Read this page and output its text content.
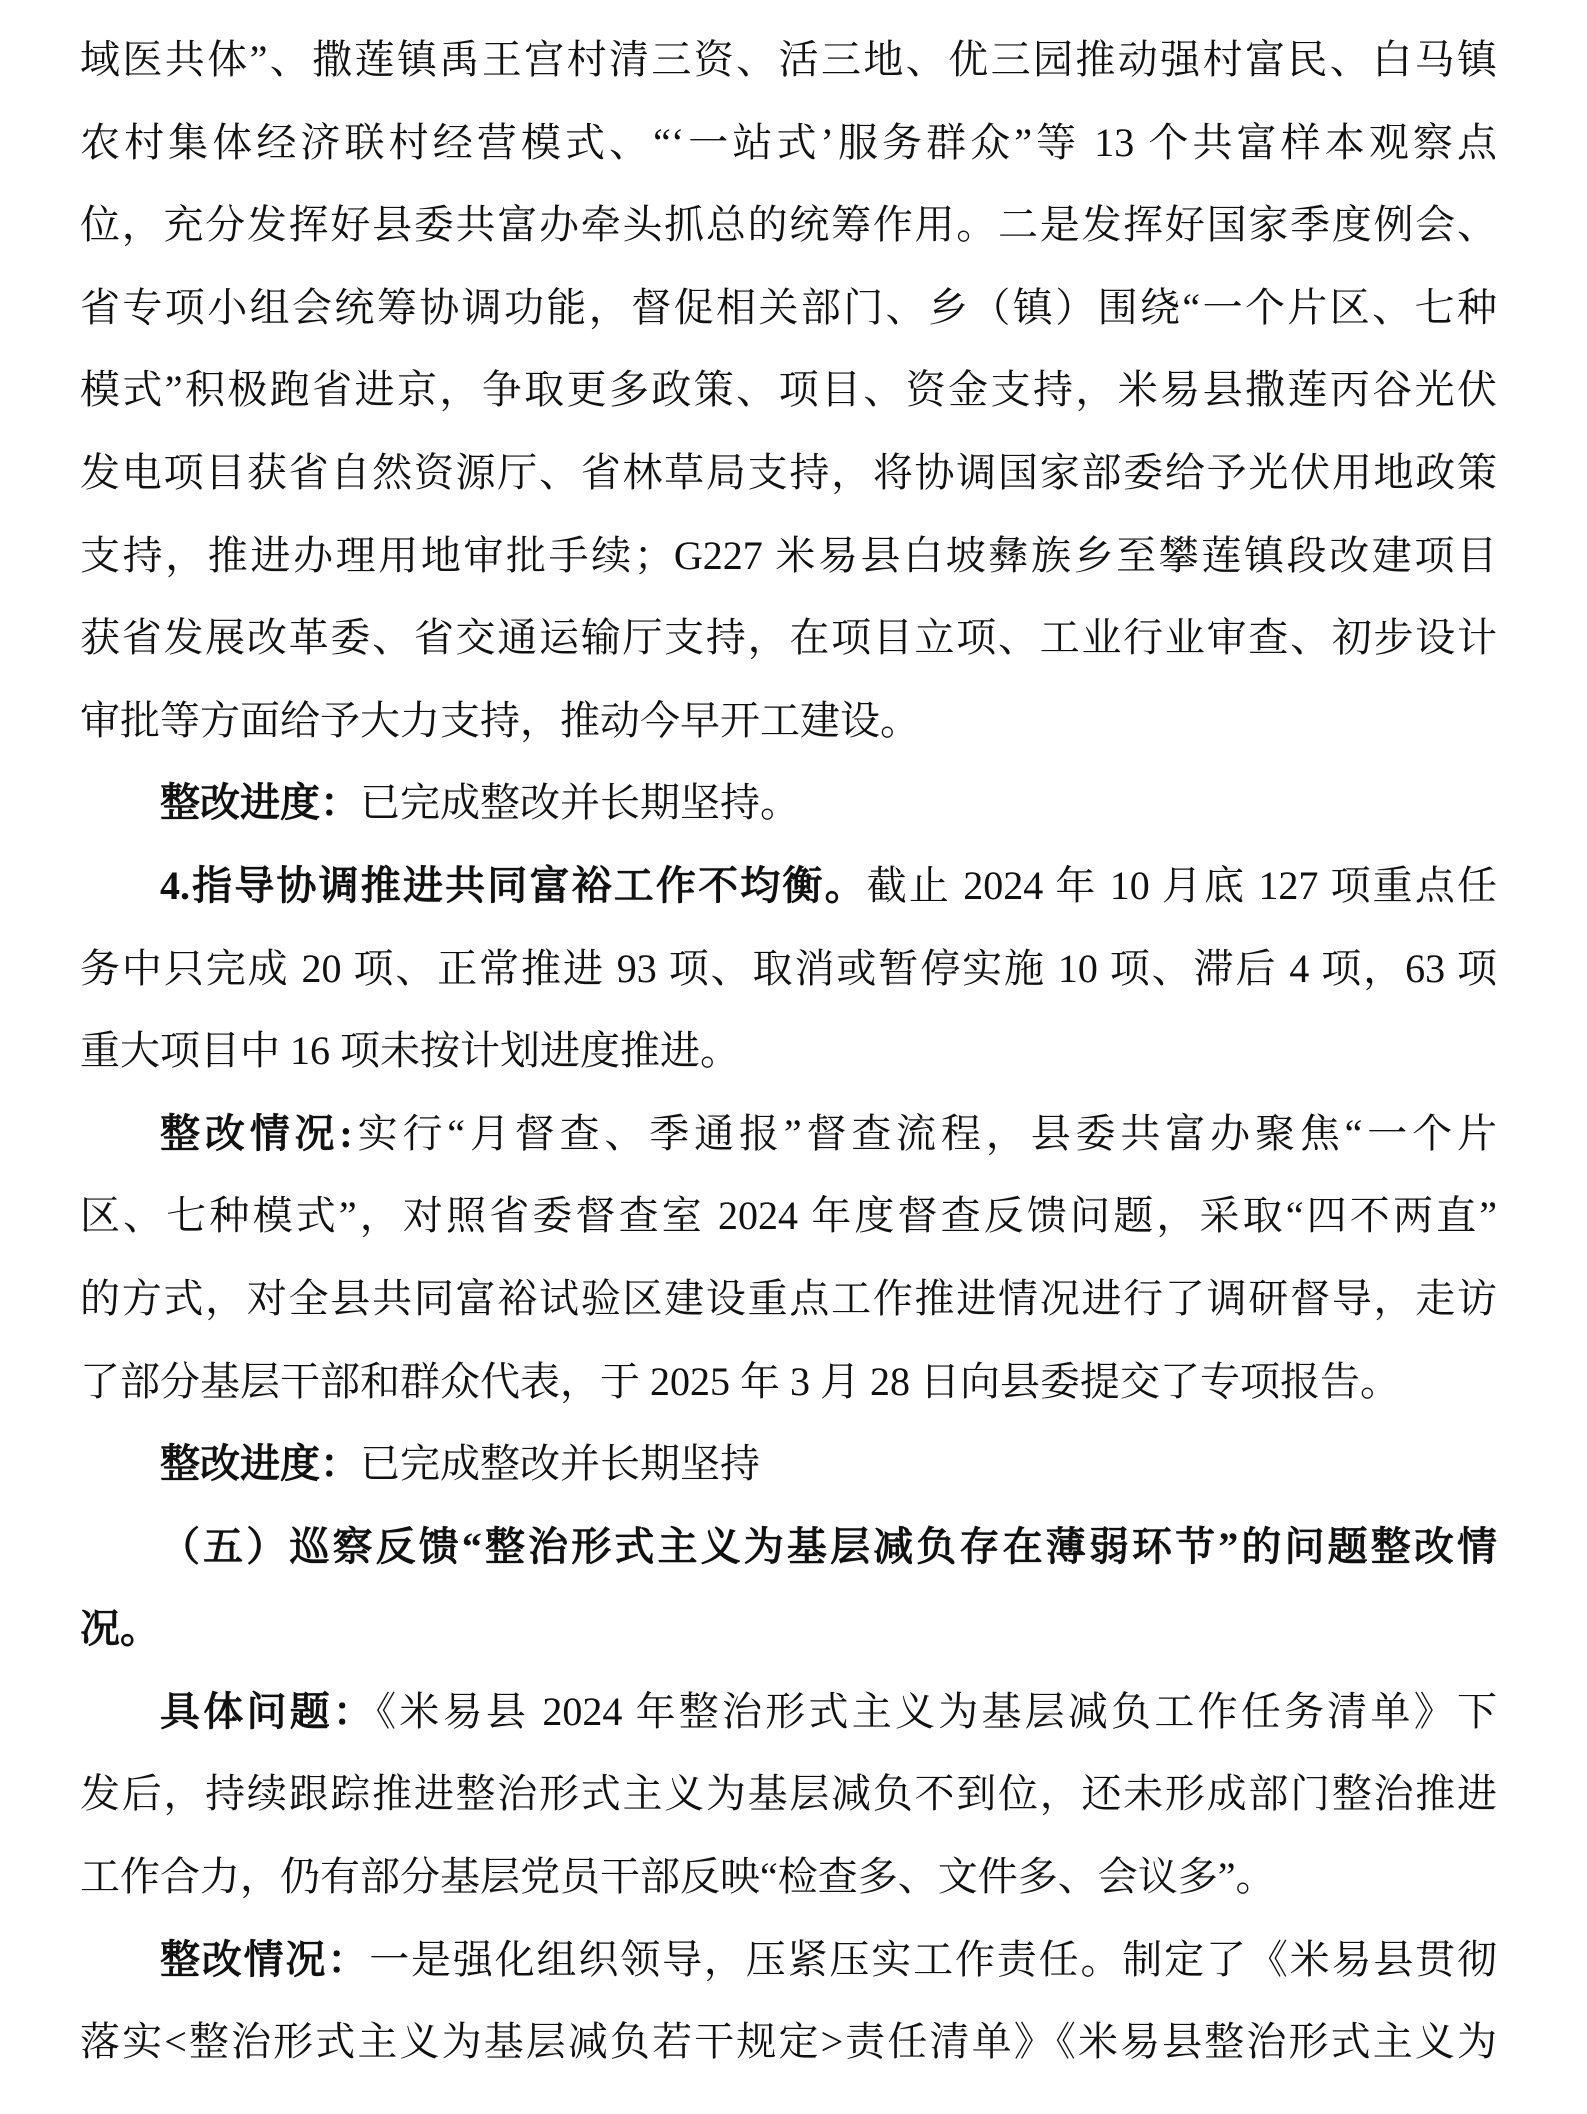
域医共体”、撒莲镇禹王宫村清三资、活三地、优三园推动强村富民、白马镇
农村集体经济联村经营模式、“‘一站式’服务群众”等 13 个共富样本观察点
位，充分发挥好县委共富办牵头抓总的统筹作用。二是发挥好国家季度例会、
省专项小组会统筹协调功能，督促相关部门、乡（镇）围绕“一个片区、七种
模式”积极跑省进京，争取更多政策、项目、资金支持，米易县撒莲丙谷光伏
发电项目获省自然资源厅、省林草局支持，将协调国家部委给予光伏用地政策
支持，推进办理用地审批手续；G227 米易县白坡彝族乡至攀莲镇段改建项目
获省发展改革委、省交通运输厅支持，在项目立项、工业行业审查、初步设计
审批等方面给予大力支持，推动今早开工建设。
整改进度：已完成整改并长期坚持。
4.指导协调推进共同富裕工作不均衡。截止 2024 年 10 月底 127 项重点任
务中只完成 20 项、正常推进 93 项、取消或暂停实施 10 项、滞后 4 项，63 项
重大项目中 16 项未按计划进度推进。
整改情况:实行“月督查、季通报”督查流程，县委共富办聚焦“一个片
区、七种模式”，对照省委督查室 2024 年度督查反馈问题，采取“四不两直”
的方式，对全县共同富裕试验区建设重点工作推进情况进行了调研督导，走访
了部分基层干部和群众代表，于 2025 年 3 月 28 日向县委提交了专项报告。
整改进度：已完成整改并长期坚持
（五）巡察反馈“整治形式主义为基层减负存在薄弱环节”的问题整改情
况。
具体问题：《米易县 2024 年整治形式主义为基层减负工作任务清单》下
发后，持续跟踪推进整治形式主义为基层减负不到位，还未形成部门整治推进
工作合力，仍有部分基层党员干部反映“检查多、文件多、会议多”。
整改情况：一是强化组织领导，压紧压实工作责任。制定了《米易县贯彻
落实<整治形式主义为基层减负若干规定>责任清单》《米易县整治形式主义为
